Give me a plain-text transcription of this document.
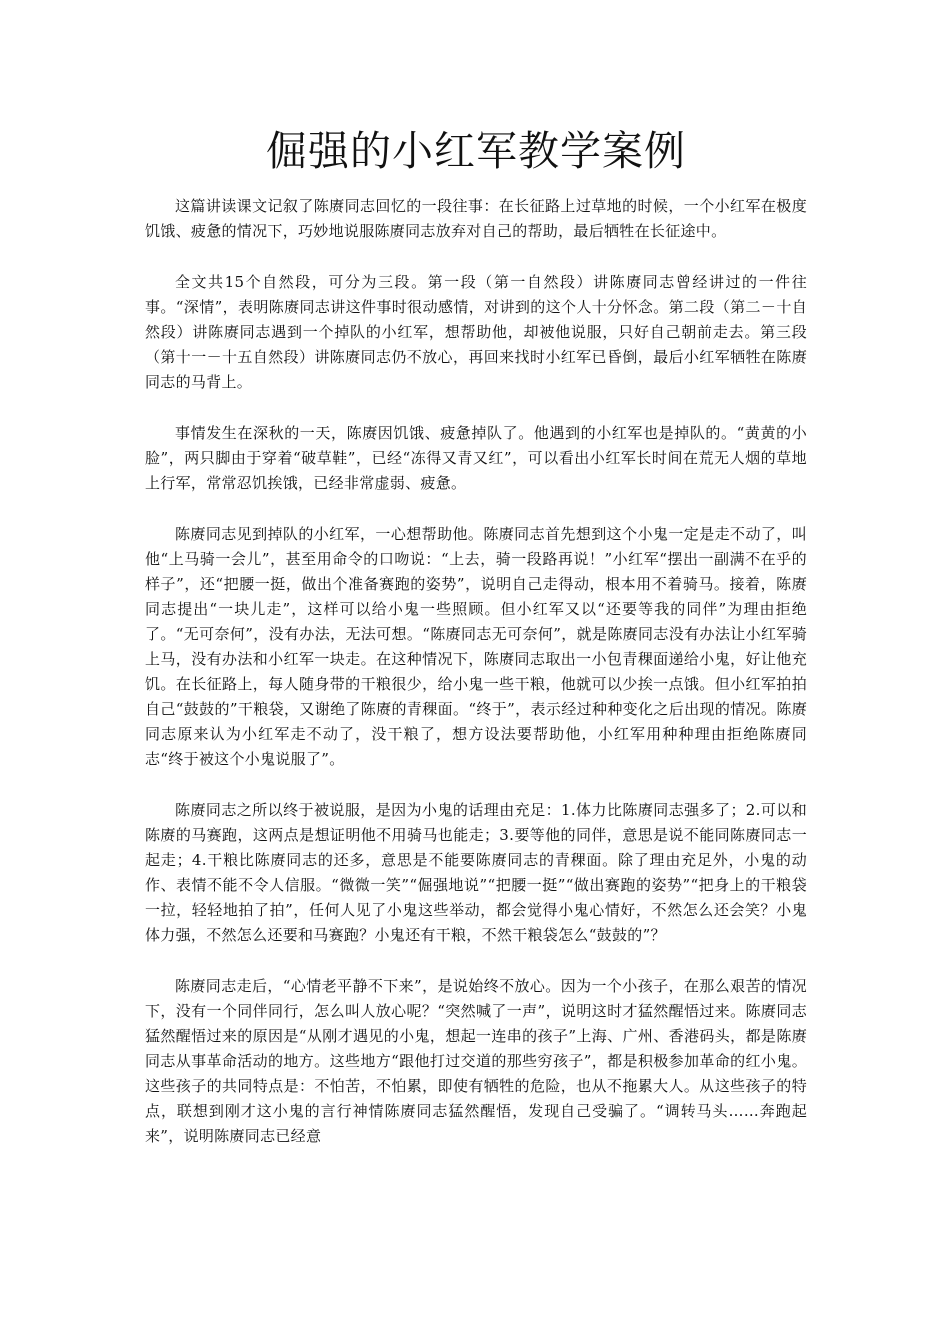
倔强的小红军教学案例

这篇讲读课文记叙了陈赓同志回忆的一段往事：在长征路上过草地的时候，一个小红军在极度饥饿、疲惫的情况下，巧妙地说服陈赓同志放弃对自己的帮助，最后牺牲在长征途中。

全文共15个自然段，可分为三段。第一段（第一自然段）讲陈赓同志曾经讲过的一件往事。“深情”，表明陈赓同志讲这件事时很动感情，对讲到的这个人十分怀念。第二段（第二－十自然段）讲陈赓同志遇到一个掉队的小红军，想帮助他，却被他说服，只好自己朝前走去。第三段（第十一－十五自然段）讲陈赓同志仍不放心，再回来找时小红军已昏倒，最后小红军牺牲在陈赓同志的马背上。

事情发生在深秋的一天，陈赓因饥饿、疲惫掉队了。他遇到的小红军也是掉队的。“黄黄的小脸”，两只脚由于穿着“破草鞋”，已经“冻得又青又红”，可以看出小红军长时间在荒无人烟的草地上行军，常常忍饥挨饿，已经非常虚弱、疲惫。

陈赓同志见到掉队的小红军，一心想帮助他。陈赓同志首先想到这个小鬼一定是走不动了，叫他“上马骑一会儿”，甚至用命令的口吻说：“上去，骑一段路再说！”小红军“摆出一副满不在乎的样子”，还“把腰一挺，做出个准备赛跑的姿势”，说明自己走得动，根本用不着骑马。接着，陈赓同志提出“一块儿走”，这样可以给小鬼一些照顾。但小红军又以“还要等我的同伴”为理由拒绝了。“无可奈何”，没有办法，无法可想。“陈赓同志无可奈何”，就是陈赓同志没有办法让小红军骑上马，没有办法和小红军一块走。在这种情况下，陈赓同志取出一小包青稞面递给小鬼，好让他充饥。在长征路上，每人随身带的干粮很少，给小鬼一些干粮，他就可以少挨一点饿。但小红军拍拍自己“鼓鼓的”干粮袋，又谢绝了陈赓的青稞面。“终于”，表示经过种种变化之后出现的情况。陈赓同志原来认为小红军走不动了，没干粮了，想方设法要帮助他，小红军用种种理由拒绝陈赓同志“终于被这个小鬼说服了”。

陈赓同志之所以终于被说服，是因为小鬼的话理由充足：1.体力比陈赓同志强多了；2.可以和陈赓的马赛跑，这两点是想证明他不用骑马也能走；3.要等他的同伴，意思是说不能同陈赓同志一起走；4.干粮比陈赓同志的还多，意思是不能要陈赓同志的青稞面。除了理由充足外，小鬼的动作、表情不能不令人信服。“微微一笑”“倔强地说”“把腰一挺”“做出赛跑的姿势”“把身上的干粮袋一拉，轻轻地拍了拍”，任何人见了小鬼这些举动，都会觉得小鬼心情好，不然怎么还会笑？小鬼体力强，不然怎么还要和马赛跑？小鬼还有干粮，不然干粮袋怎么“鼓鼓的”？

陈赓同志走后，“心情老平静不下来”，是说始终不放心。因为一个小孩子，在那么艰苦的情况下，没有一个同伴同行，怎么叫人放心呢？“突然喊了一声”，说明这时才猛然醒悟过来。陈赓同志猛然醒悟过来的原因是“从刚才遇见的小鬼，想起一连串的孩子”上海、广州、香港码头，都是陈赓同志从事革命活动的地方。这些地方“跟他打过交道的那些穷孩子”，都是积极参加革命的红小鬼。这些孩子的共同特点是：不怕苦，不怕累，即使有牺牲的危险，也从不拖累大人。从这些孩子的特点，联想到刚才这小鬼的言行神情陈赓同志猛然醒悟，发现自己受骗了。“调转马头……奔跑起来”，说明陈赓同志已经意
